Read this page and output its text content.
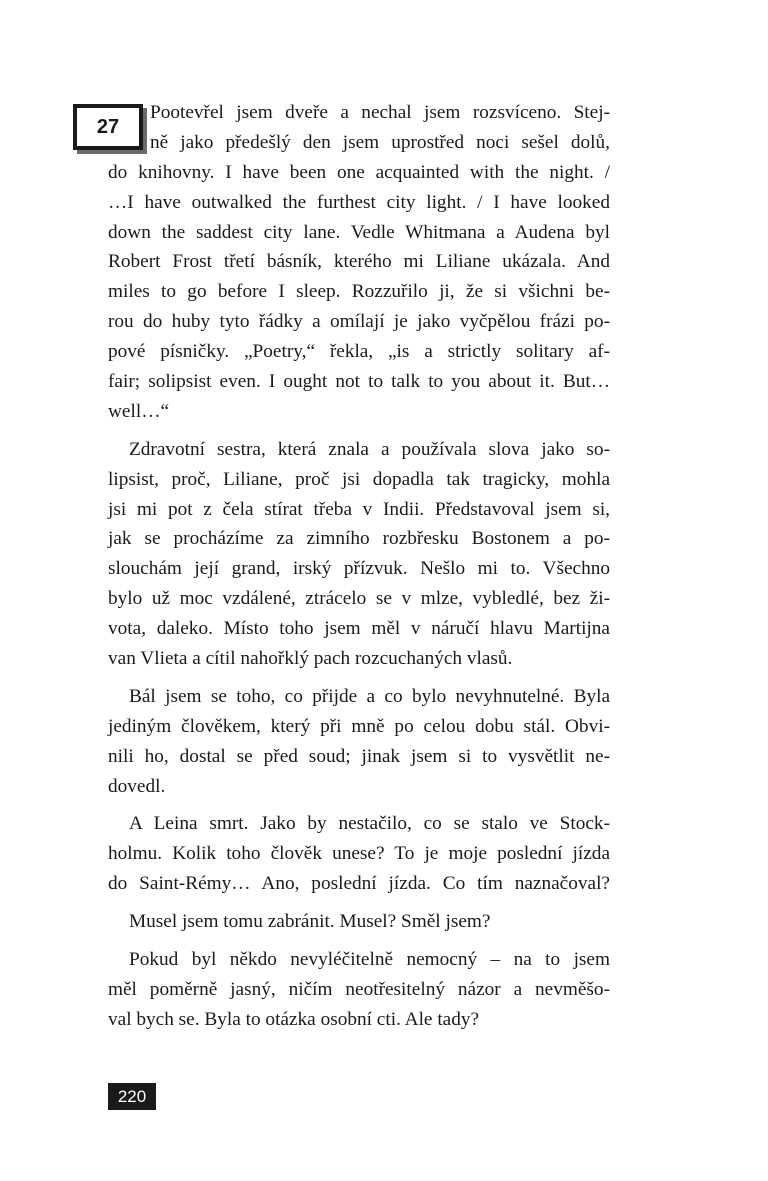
27
Pootevřel jsem dveře a nechal jsem rozsvíceno. Stej-
ně jako předešlý den jsem uprostřed noci sešel dolů,
do knihovny. I have been one acquainted with the night. /
…I have outwalked the furthest city light. / I have looked
down the saddest city lane. Vedle Whitmana a Audena byl
Robert Frost třetí básník, kterého mi Liliane ukázala. And
miles to go before I sleep. Rozzuřilo ji, že si všichni be-
rou do huby tyto řádky a omílají je jako vyčpělou frázi po-
pové písničky. „Poetry,“ řekla, „is a strictly solitary af-
fair; solipsist even. I ought not to talk to you about it. But…
well…“
Zdravotní sestra, která znala a používala slova jako so-
lipsist, proč, Liliane, proč jsi dopadla tak tragicky, mohla
jsi mi pot z čela stírat třeba v Indii. Představoval jsem si,
jak se procházíme za zimního rozbřesku Bostonem a po-
slouchám její grand, irský přízvuk. Nešlo mi to. Všechno
bylo už moc vzdálené, ztrácelo se v mlze, vybledlé, bez ži-
vota, daleko. Místo toho jsem měl v náručí hlavu Martijna
van Vlieta a cítil nahořklý pach rozcuchaných vlasů.
Bál jsem se toho, co přijde a co bylo nevyhnutelné. Byla
jediným člověkem, který při mně po celou dobu stál. Obvi-
nili ho, dostal se před soud; jinak jsem si to vysvětlit ne-
dovedl.
A Leina smrt. Jako by nestačilo, co se stalo ve Stock-
holmu. Kolik toho člověk unese? To je moje poslední jízda
do Saint-Rémy… Ano, poslední jízda. Co tím naznačoval?
Musel jsem tomu zabránit. Musel? Směl jsem?
Pokud byl někdo nevyléčitelně nemocný – na to jsem
měl poměrně jasný, ničím neotřesitelný názor a nevměšo-
val bych se. Byla to otázka osobní cti. Ale tady?
220
